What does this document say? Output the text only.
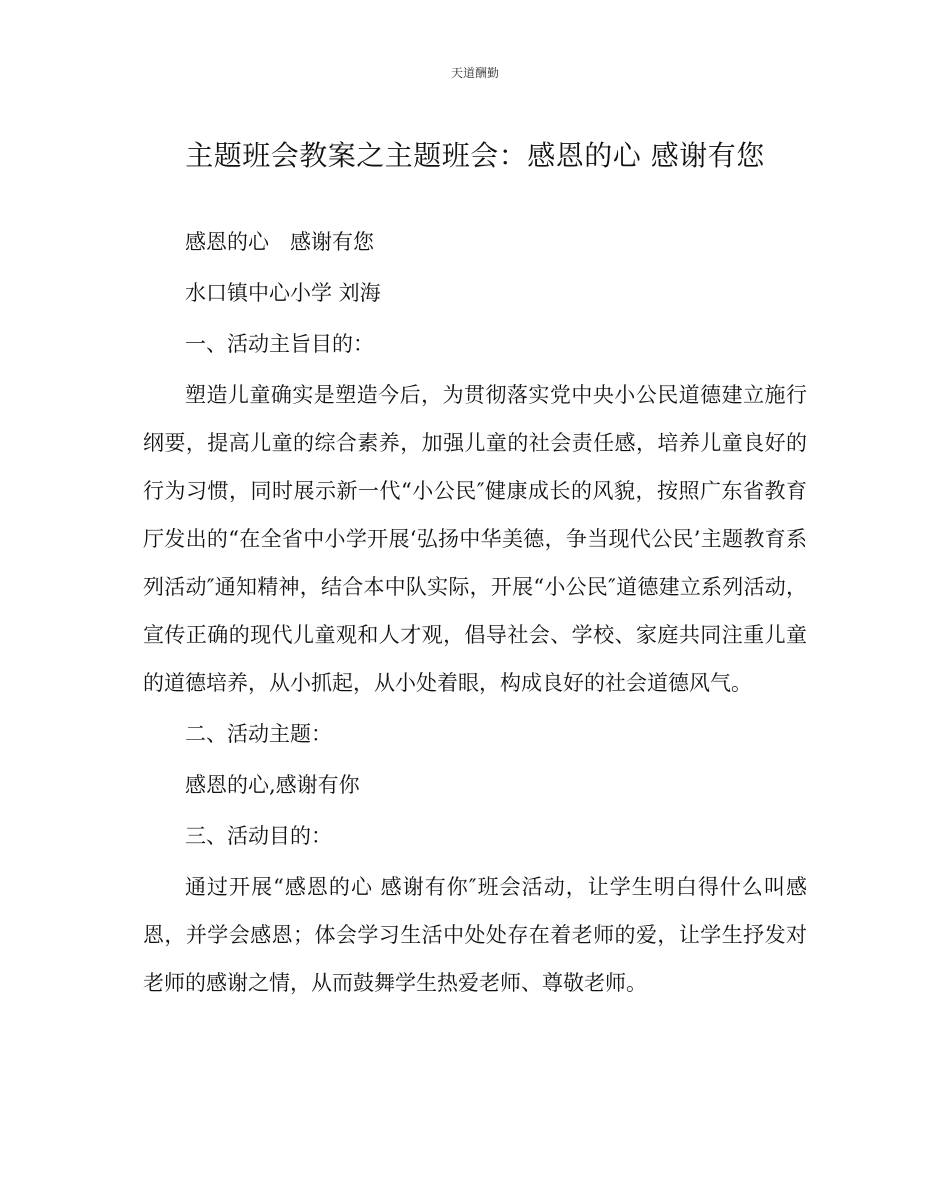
天道酬勤
主题班会教案之主题班会：感恩的心 感谢有您

感恩的心　感谢有您

水口镇中心小学 刘海

一、活动主旨目的：

塑造儿童确实是塑造今后，为贯彻落实党中央小公民道德建立施行纲要，提高儿童的综合素养，加强儿童的社会责任感，培养儿童良好的行为习惯，同时展示新一代“小公民″健康成长的风貌，按照广东省教育厅发出的“在全省中小学开展‘弘扬中华美德，争当现代公民’主题教育系列活动″通知精神，结合本中队实际，开展“小公民″道德建立系列活动，宣传正确的现代儿童观和人才观，倡导社会、学校、家庭共同注重儿童的道德培养，从小抓起，从小处着眼，构成良好的社会道德风气。

二、活动主题：

感恩的心,感谢有你

三、活动目的：

通过开展“感恩的心 感谢有你″班会活动，让学生明白得什么叫感恩，并学会感恩；体会学习生活中处处存在着老师的爱，让学生抒发对老师的感谢之情，从而鼓舞学生热爱老师、尊敬老师。
